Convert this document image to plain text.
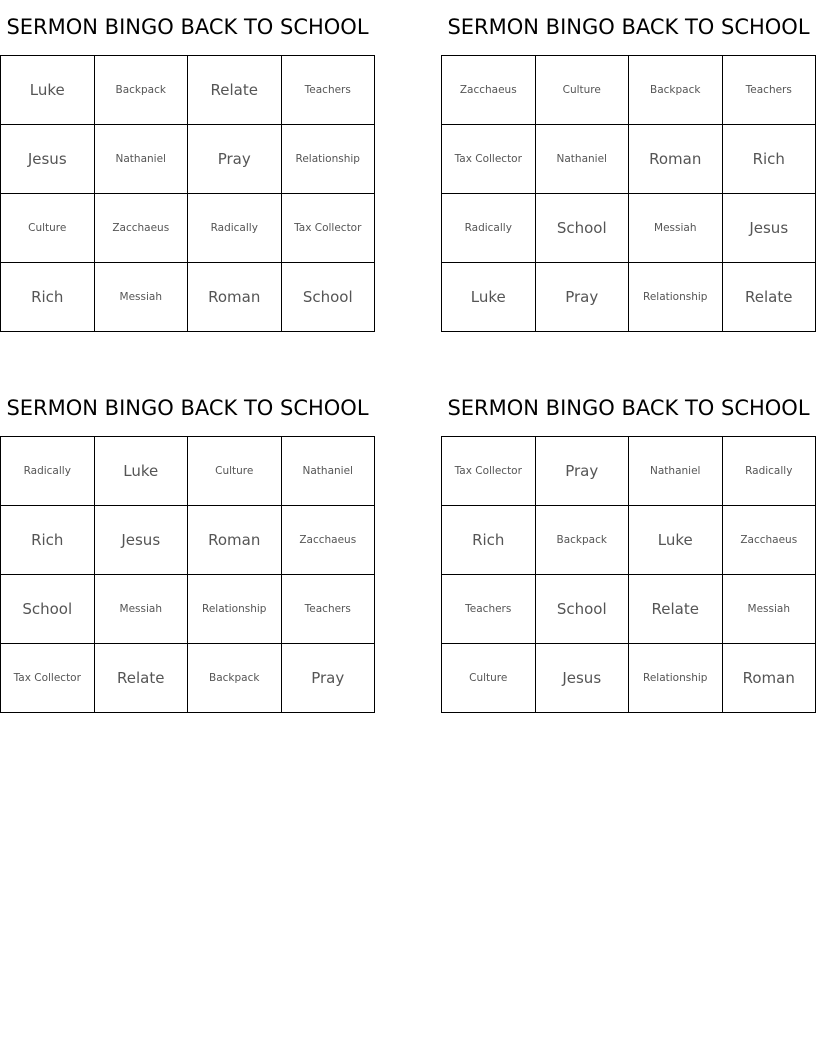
SERMON BINGO BACK TO SCHOOL
Luke	Backpack	Relate	Teachers
Jesus	Nathaniel	Pray	Relationship
Culture	Zacchaeus	Radically	Tax Collector
Rich	Messiah	Roman	School
SERMON BINGO BACK TO SCHOOL
Zacchaeus	Culture	Backpack	Teachers
Tax Collector	Nathaniel	Roman	Rich
Radically	School	Messiah	Jesus
Luke	Pray	Relationship	Relate
SERMON BINGO BACK TO SCHOOL
Radically	Luke	Culture	Nathaniel
Rich	Jesus	Roman	Zacchaeus
School	Messiah	Relationship	Teachers
Tax Collector	Relate	Backpack	Pray
SERMON BINGO BACK TO SCHOOL
Tax Collector	Pray	Nathaniel	Radically
Rich	Backpack	Luke	Zacchaeus
Teachers	School	Relate	Messiah
Culture	Jesus	Relationship	Roman
